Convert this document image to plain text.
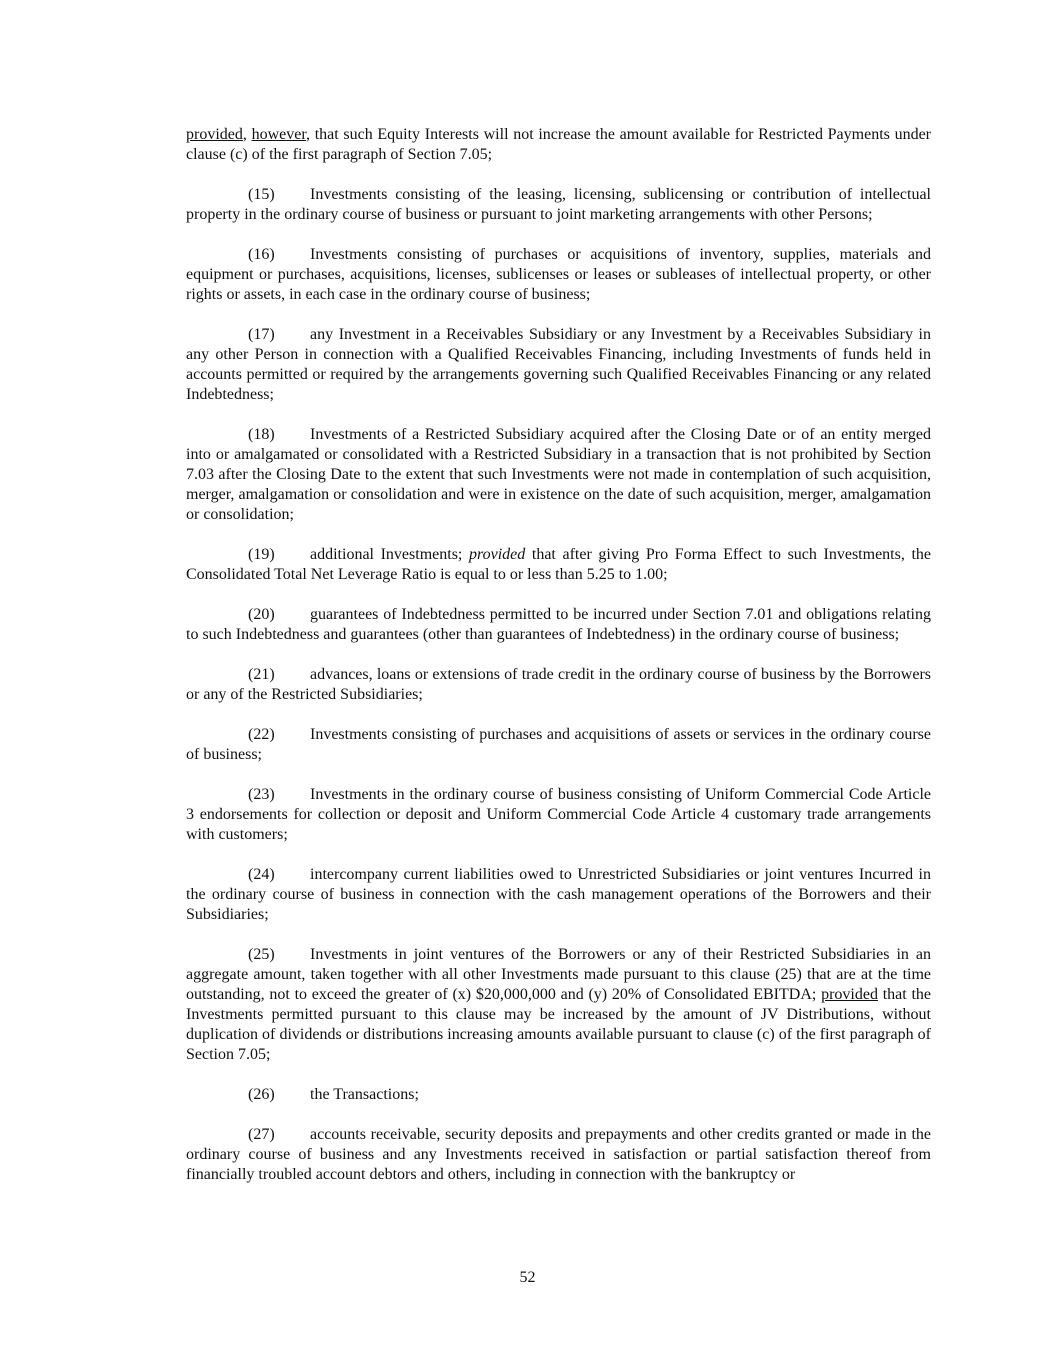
provided, however, that such Equity Interests will not increase the amount available for Restricted Payments under clause (c) of the first paragraph of Section 7.05;

(15) Investments consisting of the leasing, licensing, sublicensing or contribution of intellectual property in the ordinary course of business or pursuant to joint marketing arrangements with other Persons;

(16) Investments consisting of purchases or acquisitions of inventory, supplies, materials and equipment or purchases, acquisitions, licenses, sublicenses or leases or subleases of intellectual property, or other rights or assets, in each case in the ordinary course of business;

(17) any Investment in a Receivables Subsidiary or any Investment by a Receivables Subsidiary in any other Person in connection with a Qualified Receivables Financing, including Investments of funds held in accounts permitted or required by the arrangements governing such Qualified Receivables Financing or any related Indebtedness;

(18) Investments of a Restricted Subsidiary acquired after the Closing Date or of an entity merged into or amalgamated or consolidated with a Restricted Subsidiary in a transaction that is not prohibited by Section 7.03 after the Closing Date to the extent that such Investments were not made in contemplation of such acquisition, merger, amalgamation or consolidation and were in existence on the date of such acquisition, merger, amalgamation or consolidation;

(19) additional Investments; provided that after giving Pro Forma Effect to such Investments, the Consolidated Total Net Leverage Ratio is equal to or less than 5.25 to 1.00;

(20) guarantees of Indebtedness permitted to be incurred under Section 7.01 and obligations relating to such Indebtedness and guarantees (other than guarantees of Indebtedness) in the ordinary course of business;

(21) advances, loans or extensions of trade credit in the ordinary course of business by the Borrowers or any of the Restricted Subsidiaries;

(22) Investments consisting of purchases and acquisitions of assets or services in the ordinary course of business;

(23) Investments in the ordinary course of business consisting of Uniform Commercial Code Article 3 endorsements for collection or deposit and Uniform Commercial Code Article 4 customary trade arrangements with customers;

(24) intercompany current liabilities owed to Unrestricted Subsidiaries or joint ventures Incurred in the ordinary course of business in connection with the cash management operations of the Borrowers and their Subsidiaries;

(25) Investments in joint ventures of the Borrowers or any of their Restricted Subsidiaries in an aggregate amount, taken together with all other Investments made pursuant to this clause (25) that are at the time outstanding, not to exceed the greater of (x) $20,000,000 and (y) 20% of Consolidated EBITDA; provided that the Investments permitted pursuant to this clause may be increased by the amount of JV Distributions, without duplication of dividends or distributions increasing amounts available pursuant to clause (c) of the first paragraph of Section 7.05;

(26) the Transactions;

(27) accounts receivable, security deposits and prepayments and other credits granted or made in the ordinary course of business and any Investments received in satisfaction or partial satisfaction thereof from financially troubled account debtors and others, including in connection with the bankruptcy or

52
